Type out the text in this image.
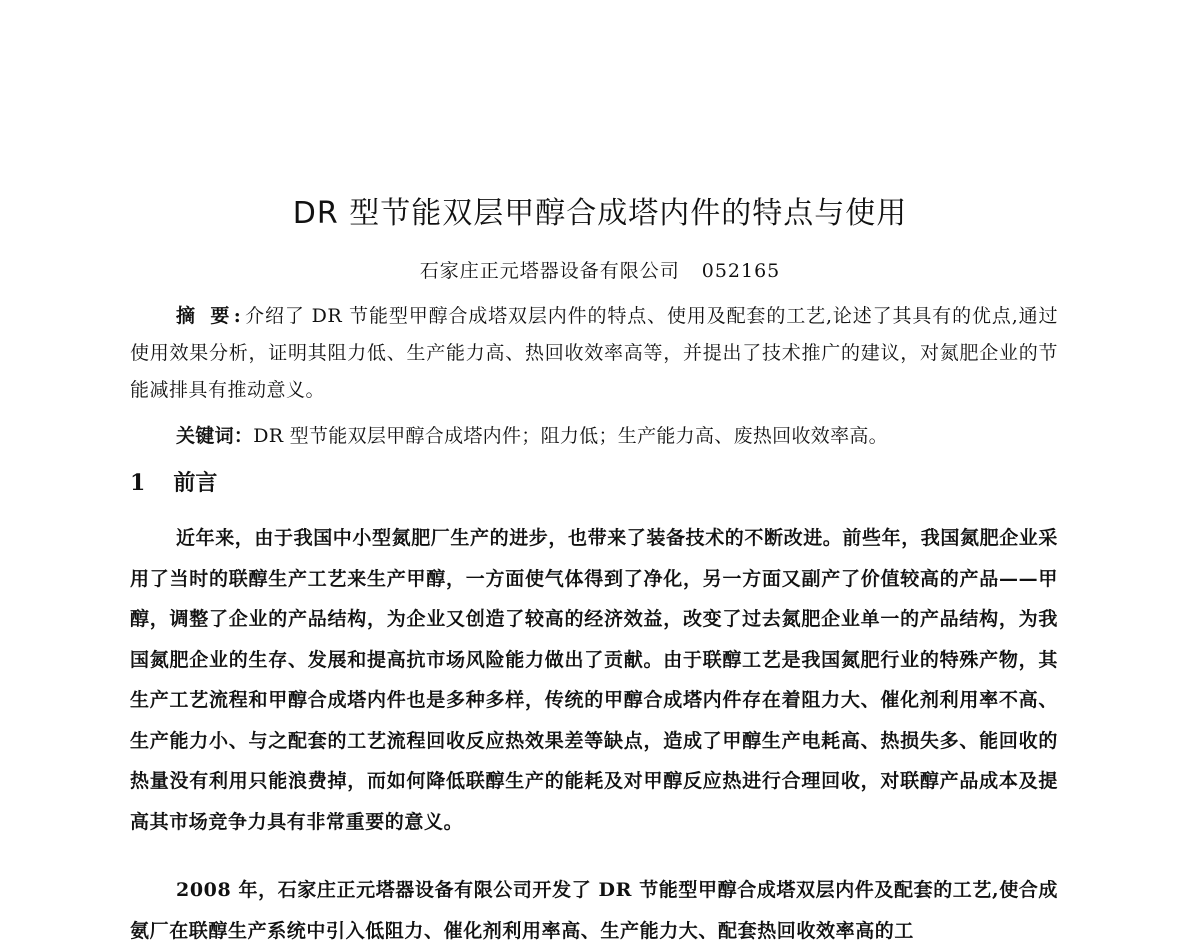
DR 型节能双层甲醇合成塔内件的特点与使用
石家庄正元塔器设备有限公司 052165
摘 要:介绍了 DR 节能型甲醇合成塔双层内件的特点、使用及配套的工艺,论述了其具有的优点,通过使用效果分析，证明其阻力低、生产能力高、热回收效率高等，并提出了技术推广的建议，对氮肥企业的节能减排具有推动意义。
关键词：DR 型节能双层甲醇合成塔内件；阻力低；生产能力高、废热回收效率高。
1 前言
近年来，由于我国中小型氮肥厂生产的进步，也带来了装备技术的不断改进。前些年，我国氮肥企业采用了当时的联醇生产工艺来生产甲醇，一方面使气体得到了净化，另一方面又副产了价值较高的产品——甲醇，调整了企业的产品结构，为企业又创造了较高的经济效益，改变了过去氮肥企业单一的产品结构，为我国氮肥企业的生存、发展和提高抗市场风险能力做出了贡献。由于联醇工艺是我国氮肥行业的特殊产物，其生产工艺流程和甲醇合成塔内件也是多种多样，传统的甲醇合成塔内件存在着阻力大、催化剂利用率不高、生产能力小、与之配套的工艺流程回收反应热效果差等缺点，造成了甲醇生产电耗高、热损失多、能回收的热量没有利用只能浪费掉，而如何降低联醇生产的能耗及对甲醇反应热进行合理回收，对联醇产品成本及提高其市场竞争力具有非常重要的意义。
2008 年，石家庄正元塔器设备有限公司开发了 DR 节能型甲醇合成塔双层内件及配套的工艺,使合成氨厂在联醇生产系统中引入低阻力、催化剂利用率高、生产能力大、配套热回收效率高的工
